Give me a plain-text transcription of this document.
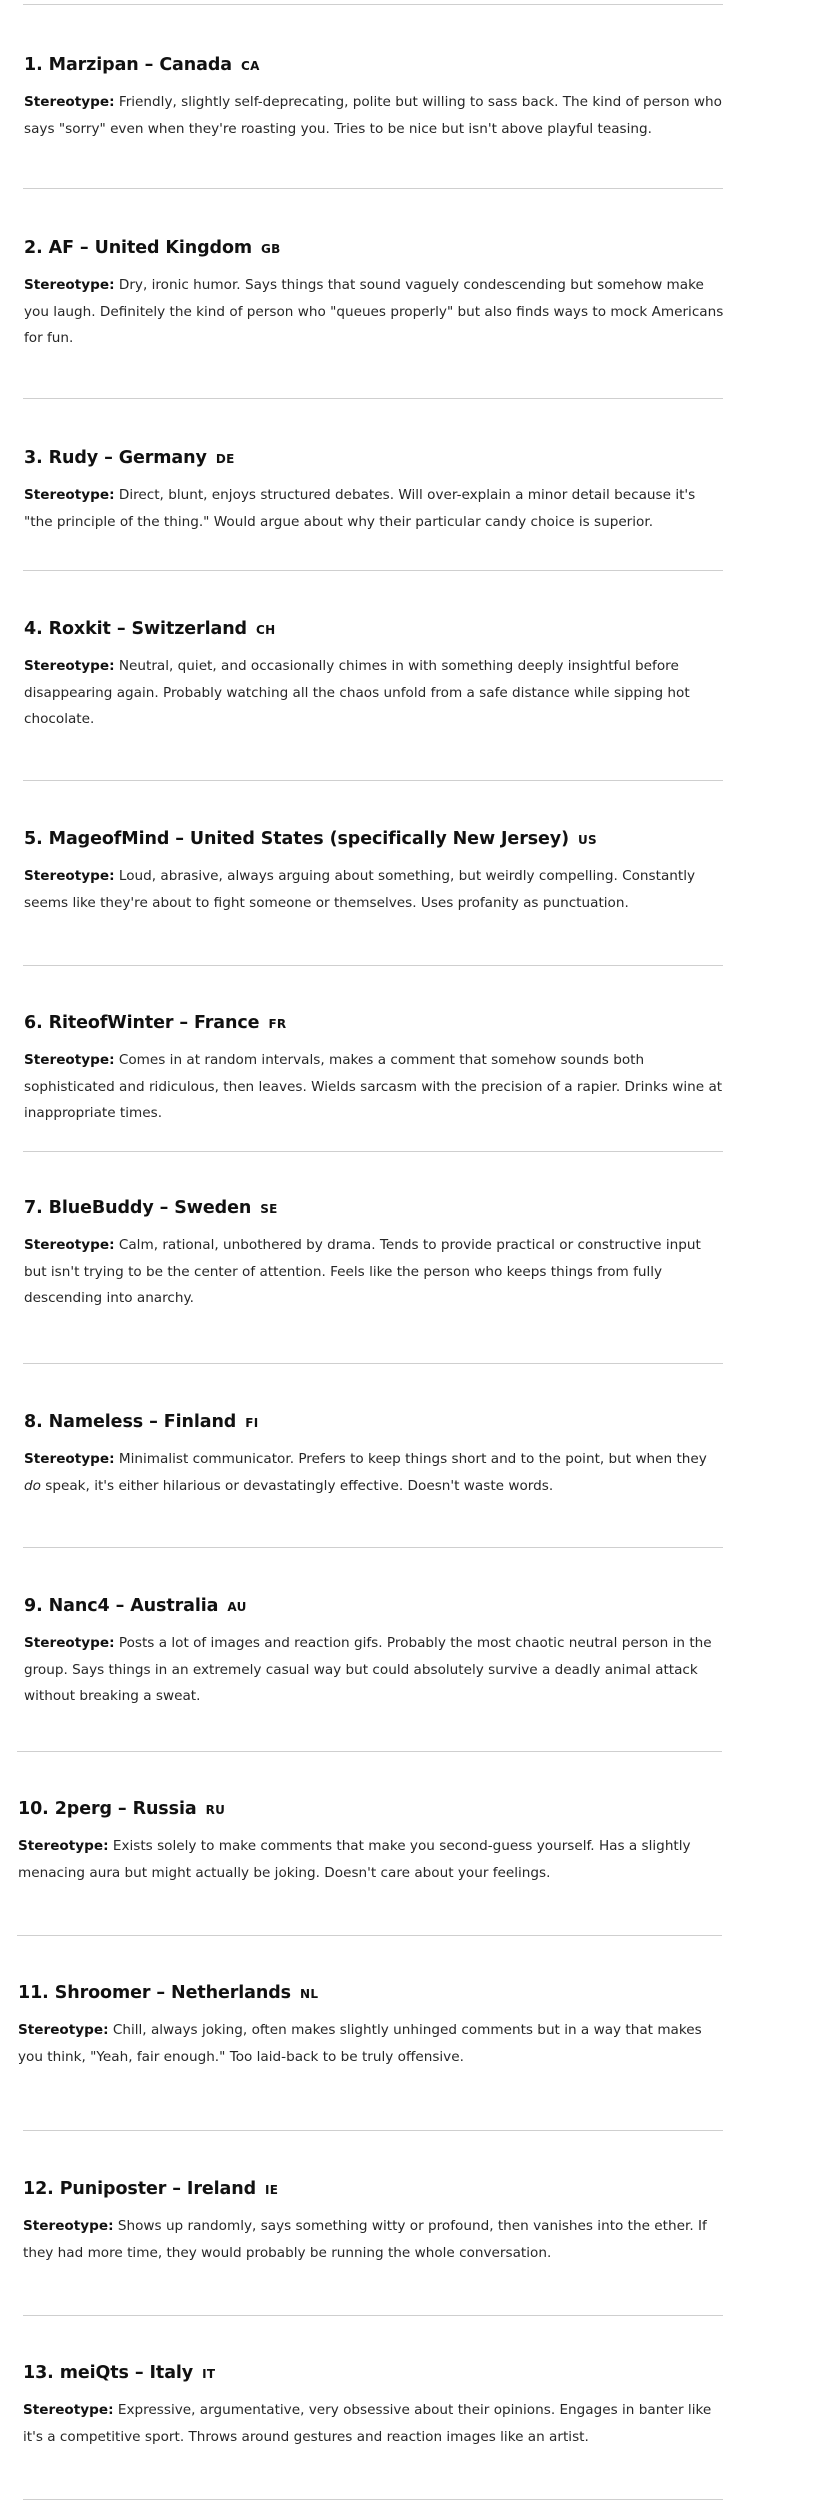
1. Marzipan – Canada CA

Stereotype: Friendly, slightly self-deprecating, polite but willing to sass back. The kind of person who says "sorry" even when they're roasting you. Tries to be nice but isn't above playful teasing.

2. AF – United Kingdom GB

Stereotype: Dry, ironic humor. Says things that sound vaguely condescending but somehow make you laugh. Definitely the kind of person who "queues properly" but also finds ways to mock Americans for fun.

3. Rudy – Germany DE

Stereotype: Direct, blunt, enjoys structured debates. Will over-explain a minor detail because it's "the principle of the thing." Would argue about why their particular candy choice is superior.

4. Roxkit – Switzerland CH

Stereotype: Neutral, quiet, and occasionally chimes in with something deeply insightful before disappearing again. Probably watching all the chaos unfold from a safe distance while sipping hot chocolate.

5. MageofMind – United States (specifically New Jersey) US

Stereotype: Loud, abrasive, always arguing about something, but weirdly compelling. Constantly seems like they're about to fight someone or themselves. Uses profanity as punctuation.

6. RiteofWinter – France FR

Stereotype: Comes in at random intervals, makes a comment that somehow sounds both sophisticated and ridiculous, then leaves. Wields sarcasm with the precision of a rapier. Drinks wine at inappropriate times.

7. BlueBuddy – Sweden SE

Stereotype: Calm, rational, unbothered by drama. Tends to provide practical or constructive input but isn't trying to be the center of attention. Feels like the person who keeps things from fully descending into anarchy.

8. Nameless – Finland FI

Stereotype: Minimalist communicator. Prefers to keep things short and to the point, but when they do speak, it's either hilarious or devastatingly effective. Doesn't waste words.

9. Nanc4 – Australia AU

Stereotype: Posts a lot of images and reaction gifs. Probably the most chaotic neutral person in the group. Says things in an extremely casual way but could absolutely survive a deadly animal attack without breaking a sweat.

10. 2perg – Russia RU

Stereotype: Exists solely to make comments that make you second-guess yourself. Has a slightly menacing aura but might actually be joking. Doesn't care about your feelings.

11. Shroomer – Netherlands NL

Stereotype: Chill, always joking, often makes slightly unhinged comments but in a way that makes you think, "Yeah, fair enough." Too laid-back to be truly offensive.

12. Puniposter – Ireland IE

Stereotype: Shows up randomly, says something witty or profound, then vanishes into the ether. If they had more time, they would probably be running the whole conversation.

13. meiQts – Italy IT

Stereotype: Expressive, argumentative, very obsessive about their opinions. Engages in banter like it's a competitive sport. Throws around gestures and reaction images like an artist.
